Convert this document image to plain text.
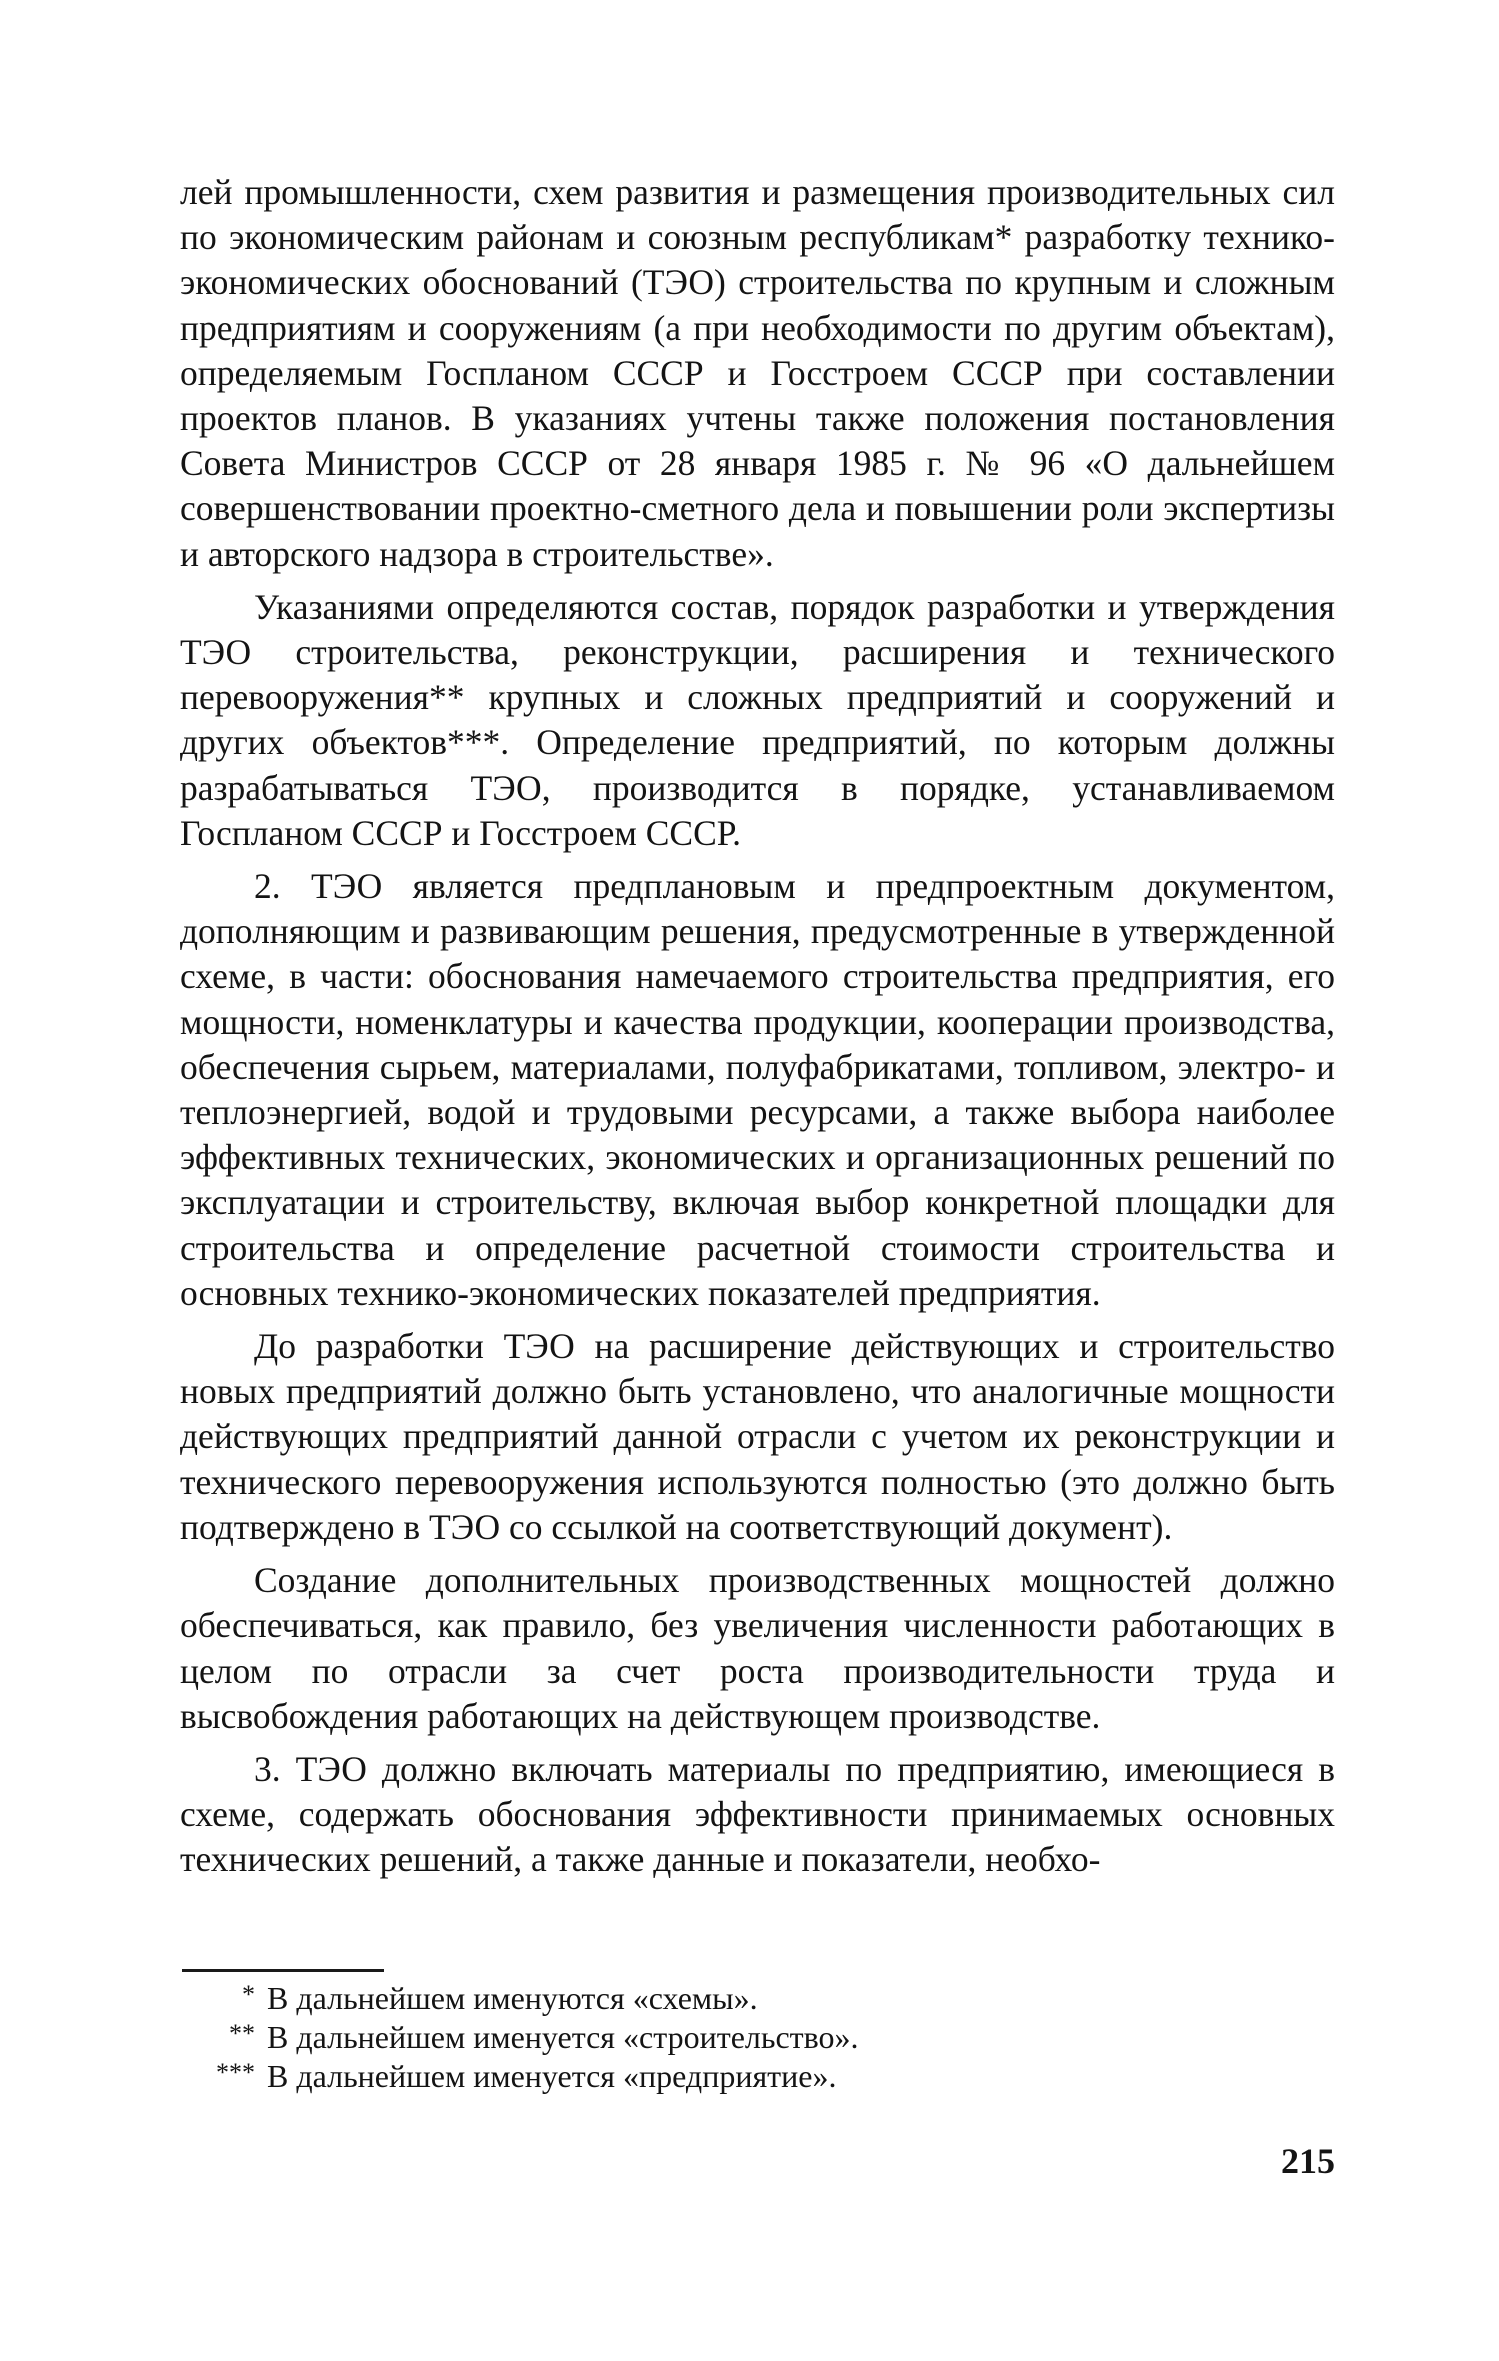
лей промышленности, схем развития и размещения производительных сил по экономическим районам и союзным республикам* разработку технико-экономических обоснований (ТЭО) строительства по крупным и сложным предприятиям и сооружениям (а при необходимости по другим объектам), определяемым Госпланом СССР и Госстроем СССР при составлении проектов планов. В указаниях учтены также положения постановления Совета Министров СССР от 28 января 1985 г. № 96 «О дальнейшем совершенствовании проектно-сметного дела и повышении роли экспертизы и авторского надзора в строительстве».

Указаниями определяются состав, порядок разработки и утверждения ТЭО строительства, реконструкции, расширения и технического перевооружения** крупных и сложных предприятий и сооружений и других объектов***. Определение предприятий, по которым должны разрабатываться ТЭО, производится в порядке, устанавливаемом Госпланом СССР и Госстроем СССР.

2. ТЭО является предплановым и предпроектным документом, дополняющим и развивающим решения, предусмотренные в утвержденной схеме, в части: обоснования намечаемого строительства предприятия, его мощности, номенклатуры и качества продукции, кооперации производства, обеспечения сырьем, материалами, полуфабрикатами, топливом, электро- и теплоэнергией, водой и трудовыми ресурсами, а также выбора наиболее эффективных технических, экономических и организационных решений по эксплуатации и строительству, включая выбор конкретной площадки для строительства и определение расчетной стоимости строительства и основных технико-экономических показателей предприятия.

До разработки ТЭО на расширение действующих и строительство новых предприятий должно быть установлено, что аналогичные мощности действующих предприятий данной отрасли с учетом их реконструкции и технического перевооружения используются полностью (это должно быть подтверждено в ТЭО со ссылкой на соответствующий документ).

Создание дополнительных производственных мощностей должно обеспечиваться, как правило, без увеличения численности работающих в целом по отрасли за счет роста производительности труда и высвобождения работающих на действующем производстве.

3. ТЭО должно включать материалы по предприятию, имеющиеся в схеме, содержать обоснования эффективности принимаемых основных технических решений, а также данные и показатели, необхо-

* В дальнейшем именуются «схемы».
** В дальнейшем именуется «строительство».
*** В дальнейшем именуется «предприятие».
215
